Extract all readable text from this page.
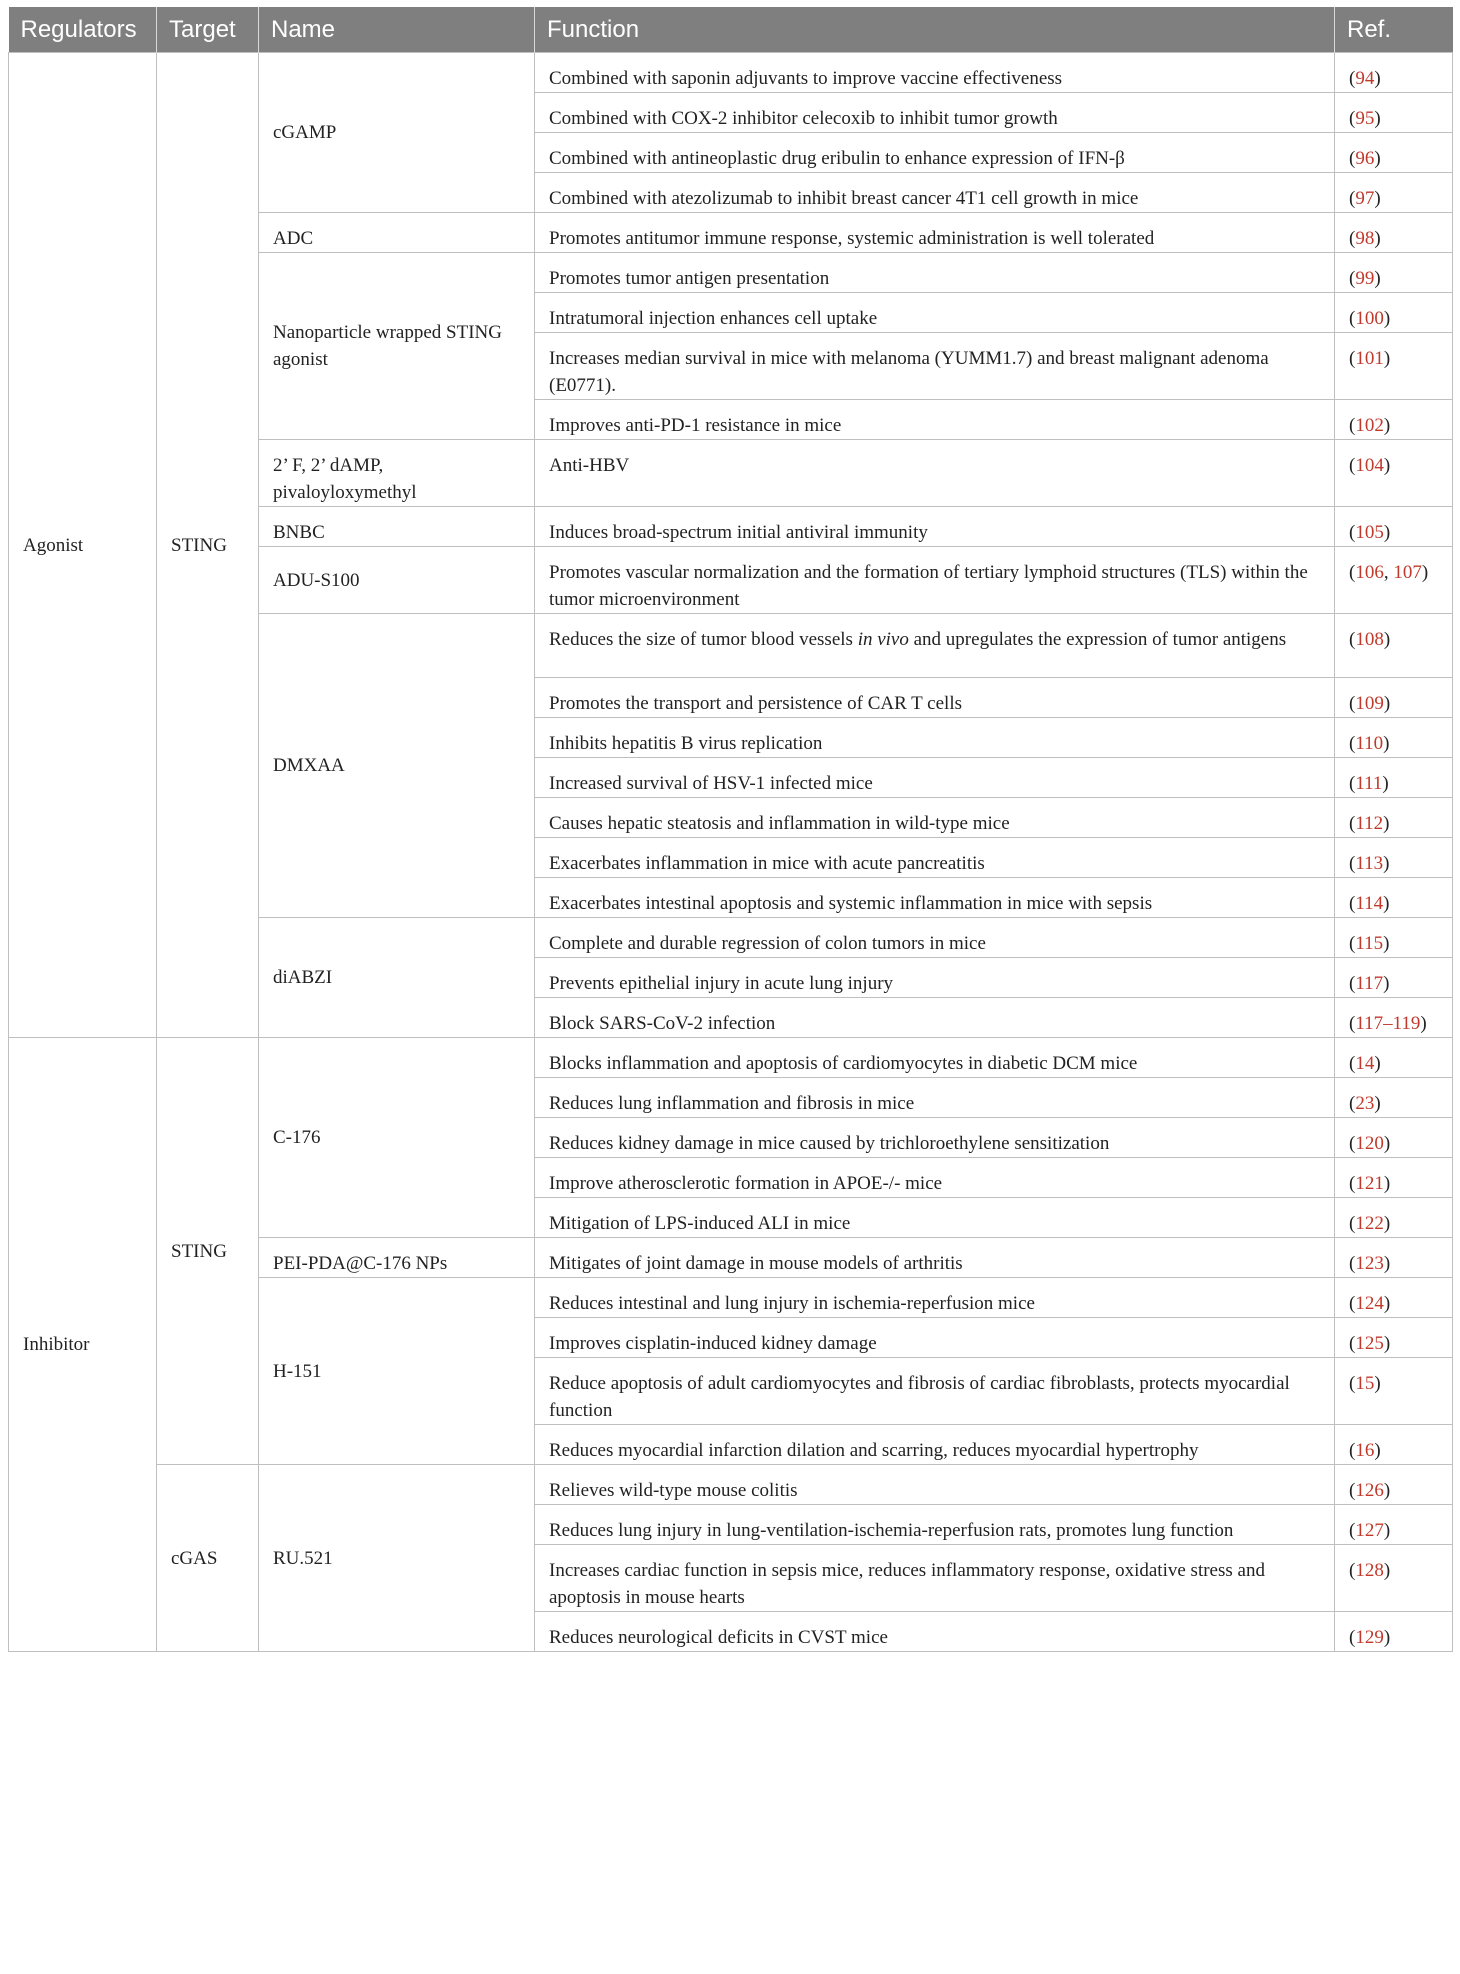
Regulators	Target	Name	Function	Ref.
Agonist	STING	cGAMP	Combined with saponin adjuvants to improve vaccine effectiveness	(94)
			Combined with COX-2 inhibitor celecoxib to inhibit tumor growth	(95)
			Combined with antineoplastic drug eribulin to enhance expression of IFN-β	(96)
			Combined with atezolizumab to inhibit breast cancer 4T1 cell growth in mice	(97)
		ADC	Promotes antitumor immune response, systemic administration is well tolerated	(98)
		Nanoparticle wrapped STING agonist	Promotes tumor antigen presentation	(99)
			Intratumoral injection enhances cell uptake	(100)
			Increases median survival in mice with melanoma (YUMM1.7) and breast malignant adenoma (E0771).	(101)
			Improves anti-PD-1 resistance in mice	(102)
		2’ F, 2’ dAMP, pivaloyloxymethyl	Anti-HBV	(104)
		BNBC	Induces broad-spectrum initial antiviral immunity	(105)
		ADU-S100	Promotes vascular normalization and the formation of tertiary lymphoid structures (TLS) within the tumor microenvironment	(106, 107)
		DMXAA	Reduces the size of tumor blood vessels in vivo and upregulates the expression of tumor antigens	(108)
			Promotes the transport and persistence of CAR T cells	(109)
			Inhibits hepatitis B virus replication	(110)
			Increased survival of HSV-1 infected mice	(111)
			Causes hepatic steatosis and inflammation in wild-type mice	(112)
			Exacerbates inflammation in mice with acute pancreatitis	(113)
			Exacerbates intestinal apoptosis and systemic inflammation in mice with sepsis	(114)
		diABZI	Complete and durable regression of colon tumors in mice	(115)
			Prevents epithelial injury in acute lung injury	(117)
			Block SARS-CoV-2 infection	(117–119)
Inhibitor	STING	C-176	Blocks inflammation and apoptosis of cardiomyocytes in diabetic DCM mice	(14)
			Reduces lung inflammation and fibrosis in mice	(23)
			Reduces kidney damage in mice caused by trichloroethylene sensitization	(120)
			Improve atherosclerotic formation in APOE-/- mice	(121)
			Mitigation of LPS-induced ALI in mice	(122)
		PEI-PDA@C-176 NPs	Mitigates of joint damage in mouse models of arthritis	(123)
		H-151	Reduces intestinal and lung injury in ischemia-reperfusion mice	(124)
			Improves cisplatin-induced kidney damage	(125)
			Reduce apoptosis of adult cardiomyocytes and fibrosis of cardiac fibroblasts, protects myocardial function	(15)
			Reduces myocardial infarction dilation and scarring, reduces myocardial hypertrophy	(16)
	cGAS	RU.521	Relieves wild-type mouse colitis	(126)
			Reduces lung injury in lung-ventilation-ischemia-reperfusion rats, promotes lung function	(127)
			Increases cardiac function in sepsis mice, reduces inflammatory response, oxidative stress and apoptosis in mouse hearts	(128)
			Reduces neurological deficits in CVST mice	(129)
